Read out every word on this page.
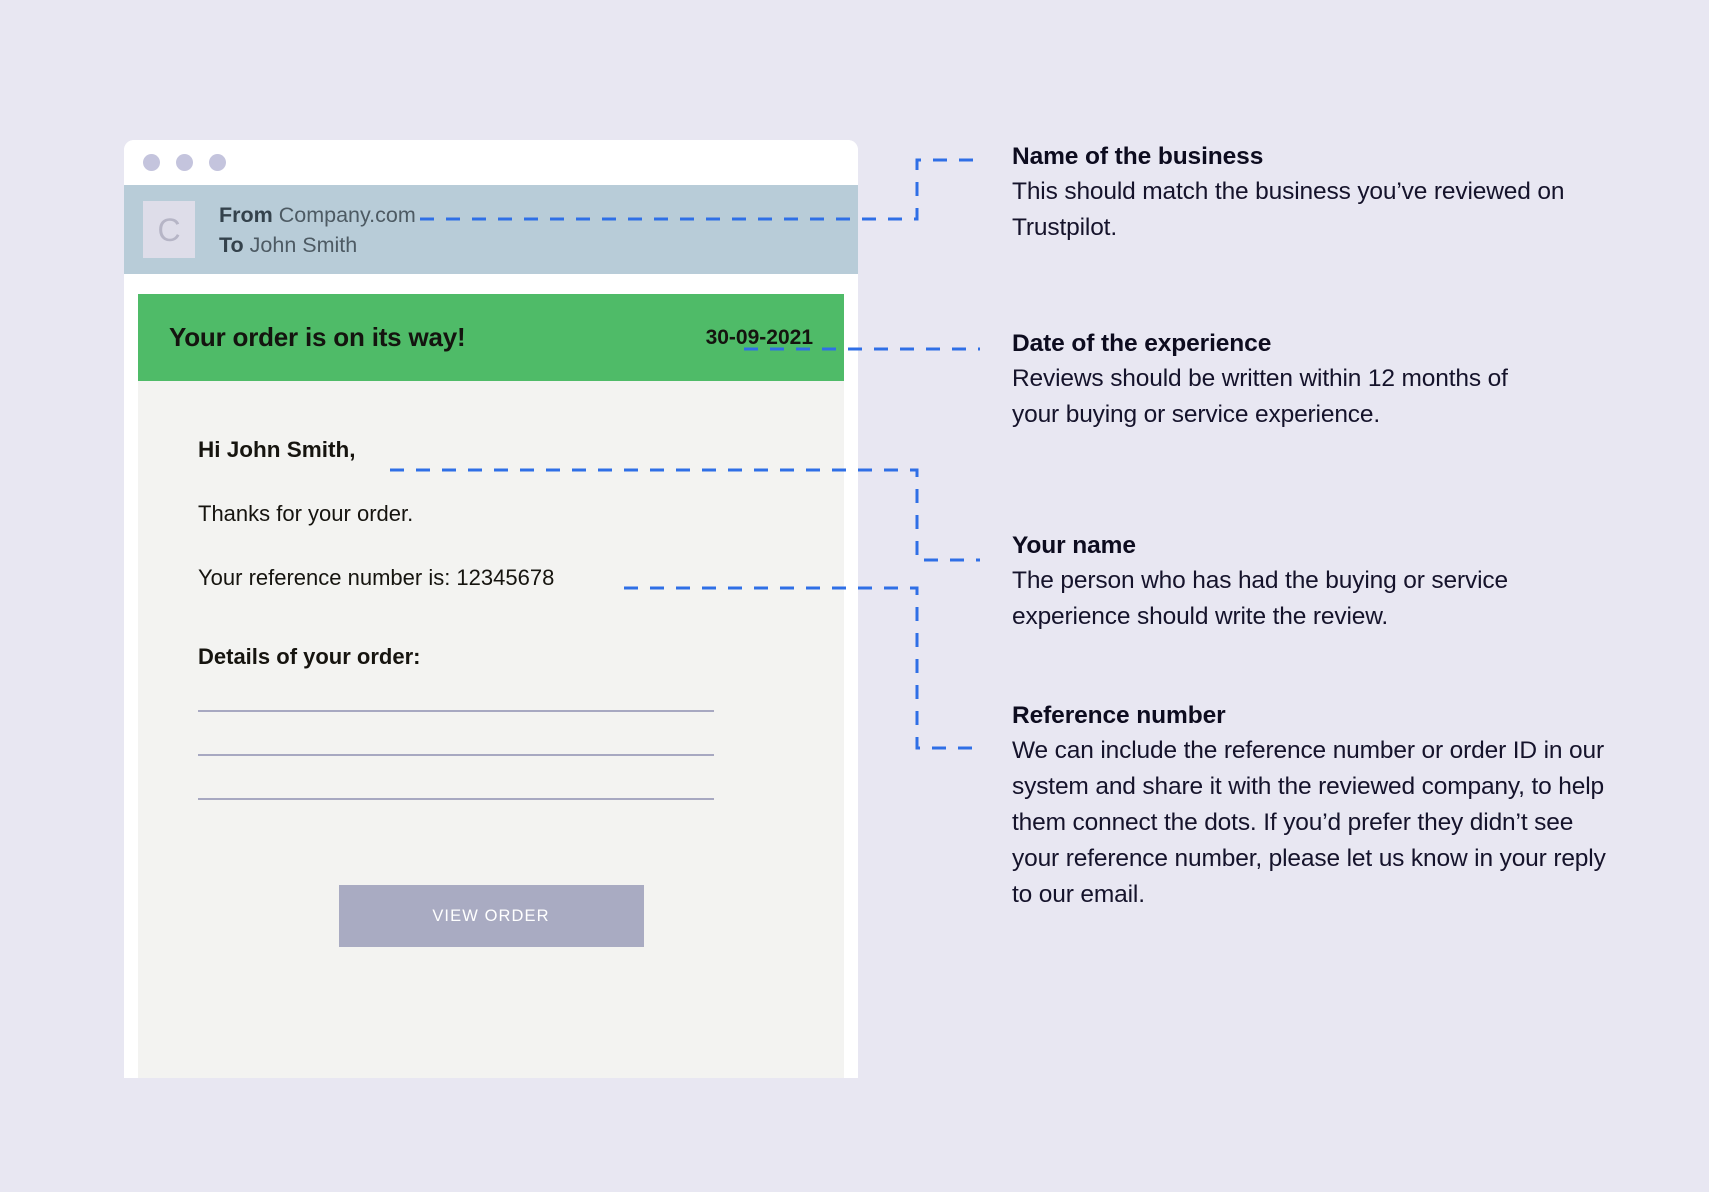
C	From Company.com
To John Smith
Your order is on its way!	30-09-2021
Hi John Smith,
Thanks for your order.
Your reference number is: 12345678
Details of your order:
VIEW ORDER
Name of the business

This should match the business you’ve reviewed on Trustpilot.

Date of the experience

Reviews should be written within 12 months of your buying or service experience.

Your name

The person who has had the buying or service experience should write the review.

Reference number

We can include the reference number or order ID in our system and share it with the reviewed company, to help them connect the dots. If you’d prefer they didn’t see your reference number, please let us know in your reply to our email.
